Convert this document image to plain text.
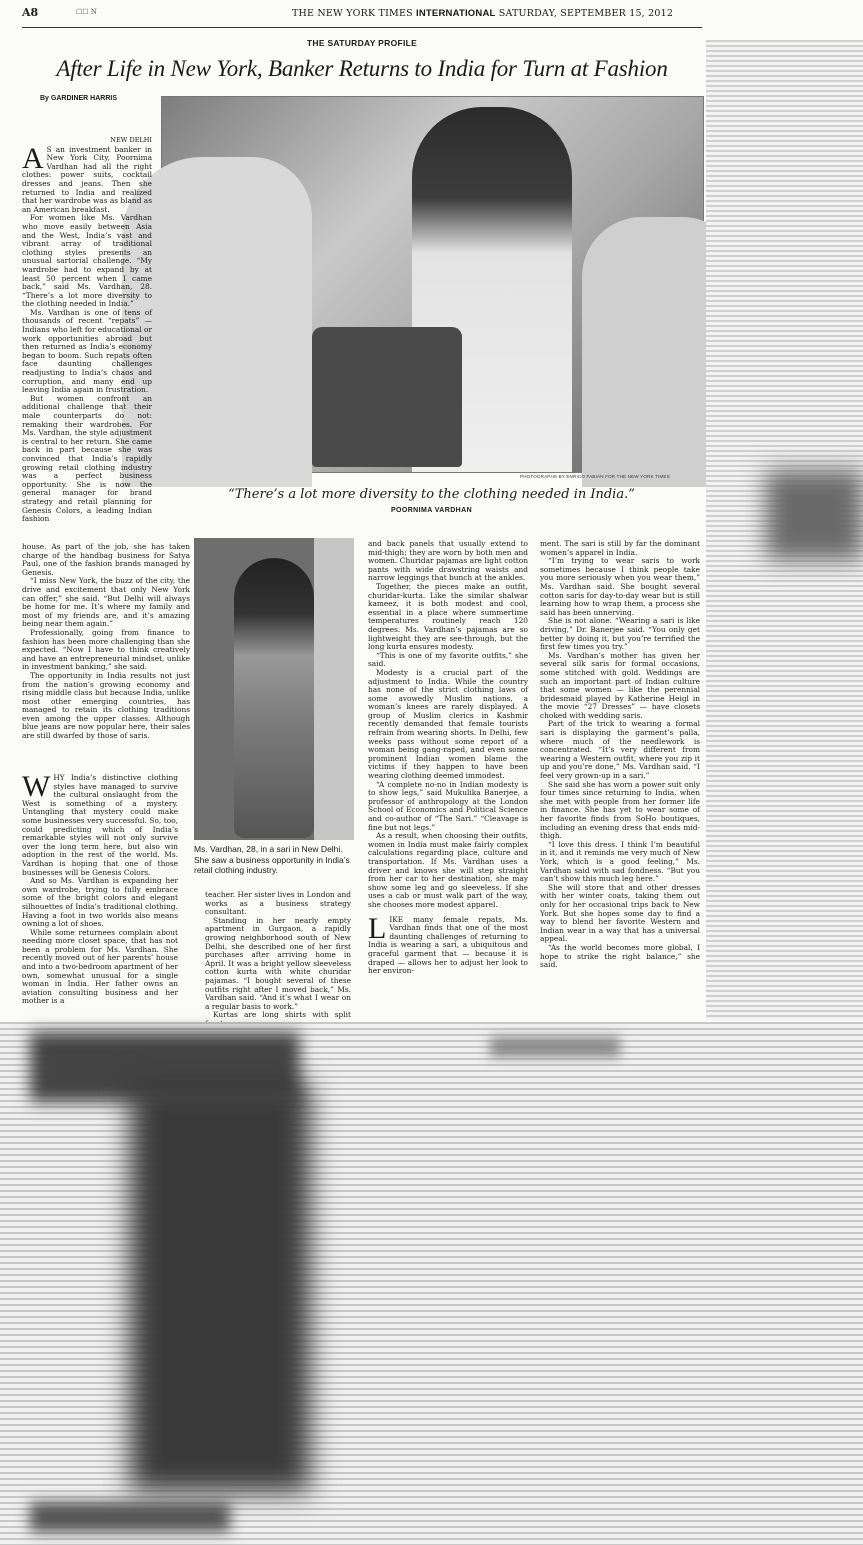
A8	☐☐ N	THE NEW YORK TIMES INTERNATIONAL SATURDAY, SEPTEMBER 15, 2012
THE SATURDAY PROFILE
After Life in New York, Banker Returns to India for Turn at Fashion
By GARDINER HARRIS
PHOTOGRAPHS BY ENRICO FABIAN FOR THE NEW YORK TIMES
“There’s a lot more diversity to the clothing needed in India.”
POORNIMA VARDHAN
NEW DELHI

A S an investment banker in New York City, Poornima Vardhan had all the right clothes: power suits, cocktail dresses and jeans. Then she returned to India and realized that her wardrobe was as bland as an American breakfast.

For women like Ms. Vardhan who move easily between Asia and the West, India’s vast and vibrant array of traditional clothing styles presents an unusual sartorial challenge. “My wardrobe had to expand by at least 50 percent when I came back,” said Ms. Vardhan, 28. “There’s a lot more diversity to the clothing needed in India.”

Ms. Vardhan is one of tens of thousands of recent “repats” — Indians who left for educational or work opportunities abroad but then returned as India’s economy began to boom. Such repats often face daunting challenges readjusting to India’s chaos and corruption, and many end up leaving India again in frustration.

But women confront an additional challenge that their male counterparts do not: remaking their wardrobes. For Ms. Vardhan, the style adjustment is central to her return. She came back in part because she was convinced that India’s rapidly growing retail clothing industry was a perfect business opportunity. She is now the general manager for brand strategy and retail planning for Genesis Colors, a leading Indian fashion

house. As part of the job, she has taken charge of the handbag business for Satya Paul, one of the fashion brands managed by Genesis.

“I miss New York, the buzz of the city, the drive and excitement that only New York can offer,” she said. “But Delhi will always be home for me. It’s where my family and most of my friends are, and it’s amazing being near them again.”

Professionally, going from finance to fashion has been more challenging than she expected. “Now I have to think creatively and have an entrepreneurial mindset, unlike in investment banking,” she said.

The opportunity in India results not just from the nation’s growing economy and rising middle class but because India, unlike most other emerging countries, has managed to retain its clothing traditions even among the upper classes. Although blue jeans are now popular here, their sales are still dwarfed by those of saris.

WHY India’s distinctive clothing styles have managed to survive the cultural onslaught from the West is something of a mystery. Untangling that mystery could make some businesses very successful. So, too, could predicting which of India’s remarkable styles will not only survive over the long term here, but also win adoption in the rest of the world. Ms. Vardhan is hoping that one of those businesses will be Genesis Colors.

And so Ms. Vardhan is expanding her own wardrobe, trying to fully embrace some of the bright colors and elegant silhouettes of India’s traditional clothing. Having a foot in two worlds also means owning a lot of shoes.

While some returnees complain about needing more closet space, that has not been a problem for Ms. Vardhan. She recently moved out of her parents’ house and into a two-bedroom apartment of her own, somewhat unusual for a single woman in India. Her father owns an aviation consulting business and her mother is a

Ms. Vardhan, 28, in a sari in New Delhi. She saw a business opportunity in India’s retail clothing industry.

teacher. Her sister lives in London and works as a business strategy consultant.

Standing in her nearly empty apartment in Gurgaon, a rapidly growing neighborhood south of New Delhi, she described one of her first purchases after arriving home in April. It was a bright yellow sleeveless cotton kurta with white churidar pajamas. “I bought several of these outfits right after I moved back,” Ms. Vardhan said. “And it’s what I wear on a regular basis to work.”

Kurtas are long shirts with split

and back panels that usually extend to mid-thigh; they are worn by both men and women. Churidar pajamas are light cotton pants with wide drawstring waists and narrow leggings that bunch at the ankles.

Together, the pieces make an outfit, churidar-kurta. Like the similar shalwar kameez, it is both modest and cool, essential in a place where summertime temperatures routinely reach 120 degrees. Ms. Vardhan’s pajamas are so lightweight they are see-through, but the long kurta ensures modesty.

“This is one of my favorite outfits,” she said.

Modesty is a crucial part of the adjustment to India. While the country has none of the strict clothing laws of some avowedly Muslim nations, a woman’s knees are rarely displayed. A group of Muslim clerics in Kashmir recently demanded that female tourists refrain from wearing shorts. In Delhi, few weeks pass without some report of a woman being gang-raped, and even some prominent Indian women blame the victims if they happen to have been wearing clothing deemed immodest.

“A complete no-no in Indian modesty is to show legs,” said Mukulika Banerjee, a professor of anthropology at the London School of Economics and Political Science and co-author of “The Sari.” “Cleavage is fine but not legs.”

As a result, when choosing their outfits, women in India must make fairly complex calculations regarding place, culture and transportation. If Ms. Vardhan uses a driver and knows she will step straight from her car to her destination, she may show some leg and go sleeveless. If she uses a cab or must walk part of the way, she chooses more modest apparel.

LIKE many female repats, Ms. Vardhan finds that one of the most daunting challenges of returning to India is wearing a sari, a ubiquitous and graceful garment that — because it is draped — allows her to adjust her look to her environ-

ment. The sari is still by far the dominant women’s apparel in India.

“I’m trying to wear saris to work sometimes because I think people take you more seriously when you wear them,” Ms. Vardhan said. She bought several cotton saris for day-to-day wear but is still learning how to wrap them, a process she said has been unnerving.

She is not alone. “Wearing a sari is like driving,” Dr. Banerjee said. “You only get better by doing it, but you’re terrified the first few times you try.”

Ms. Vardhan’s mother has given her several silk saris for formal occasions, some stitched with gold. Weddings are such an important part of Indian culture that some women — like the perennial bridesmaid played by Katherine Heigl in the movie “27 Dresses” — have closets choked with wedding saris.

Part of the trick to wearing a formal sari is displaying the garment’s palla, where much of the needlework is concentrated. “It’s very different from wearing a Western outfit, where you zip it up and you’re done,” Ms. Vardhan said. “I feel very grown-up in a sari.”

She said she has worn a power suit only four times since returning to India, when she met with people from her former life in finance. She has yet to wear some of her favorite finds from SoHo boutiques, including an evening dress that ends mid-thigh.

“I love this dress. I think I’m beautiful in it, and it reminds me very much of New York, which is a good feeling,” Ms. Vardhan said with sad fondness. “But you can’t show this much leg here.”

She will store that and other dresses with her winter coats, taking them out only for her occasional trips back to New York. But she hopes some day to find a way to blend her favorite Western and Indian wear in a way that has a universal appeal.

“As the world becomes more global, I hope to strike the right balance,” she said.
